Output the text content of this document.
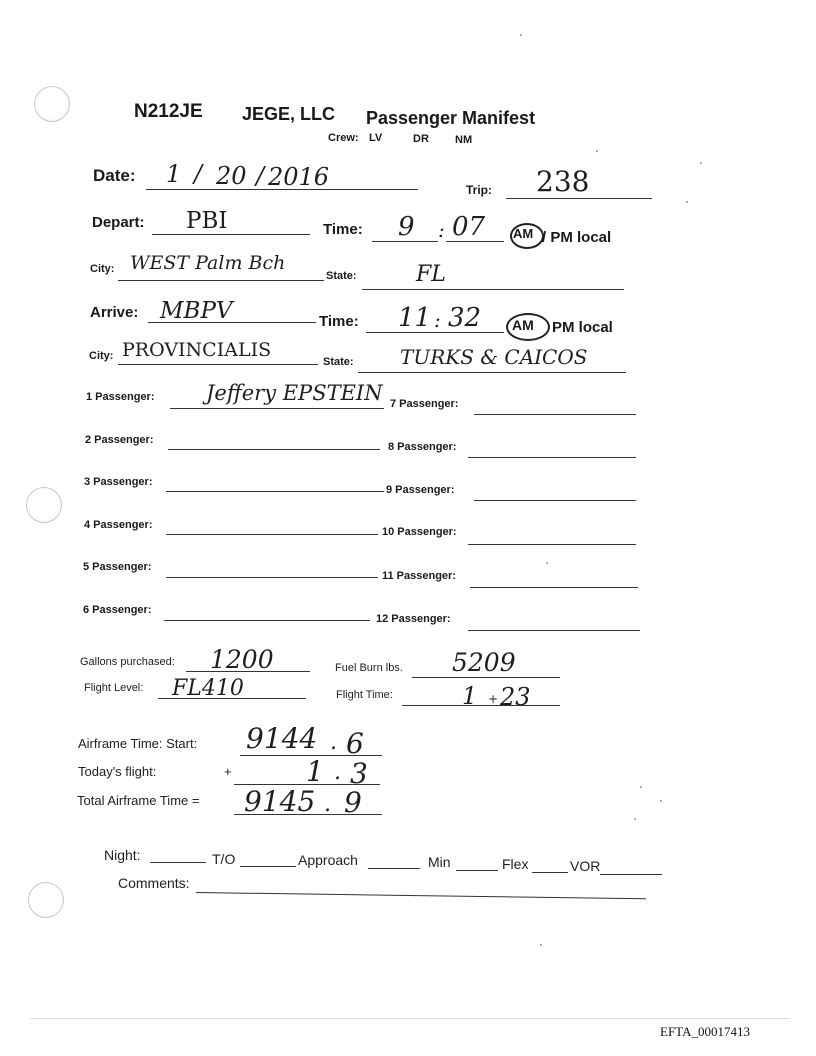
N212JE JEGE, LLC Passenger Manifest
Crew: LV	DR NM
Date: 1 / 20 / 2016	Trip: 238
Depart: PBI	Time: 9 : 07 AM / PM local
City: WEST Palm Bch
State:	FL
Arrive: MBPV	Time: 11 : 32 AM PM local
City: PROVINCIALIS
State: TURKS & CAICOS
1 Passenger: Jeffery EPSTEIN 7 Passenger:
2 Passenger:
8 Passenger:
3 Passenger:
9 Passenger:
4 Passenger:
10 Passenger:
5 Passenger:
11 Passenger:
6 Passenger:
12 Passenger:
Gallons purchased: 1200	Fuel Burn lbs. 5209
Flight Level: FL410	Flight Time:	1 + 23
Airframe Time: Start: 9144 . 6
Today's flight:	+	1 . 3
Total Airframe Time = 9145 . 9
Night:	T/O	Approach	Min	Flex	VOR
Comments:
EFTA_00017413
